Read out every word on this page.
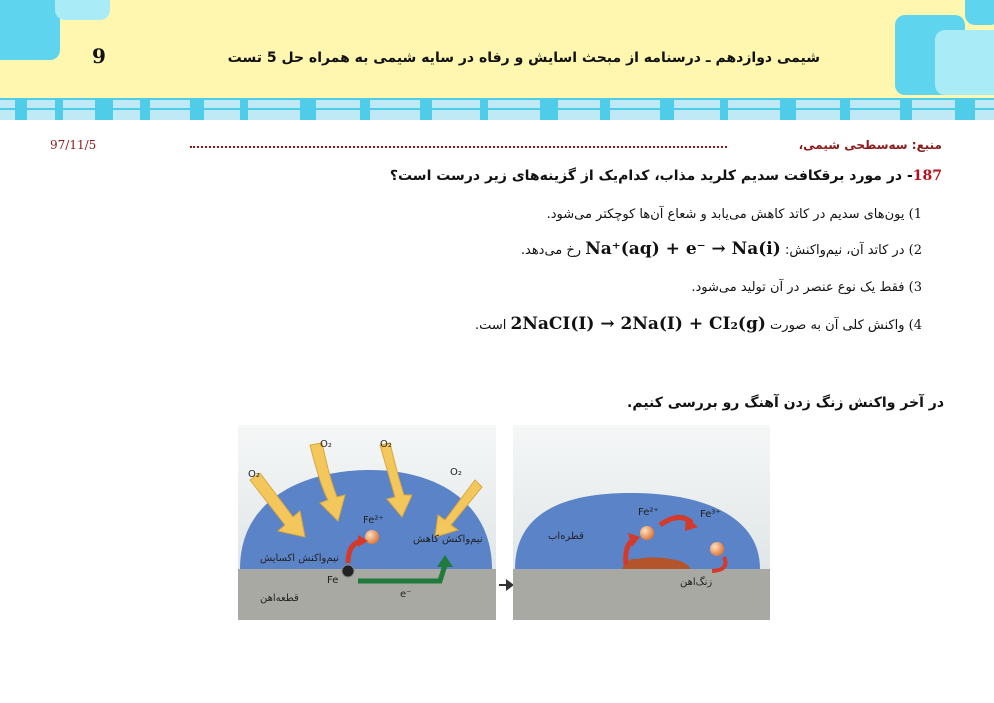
9	شیمی دوازدهم ـ درسنامه از مبحث اسایش و رفاه در سایه شیمی به همراه حل 5 تست
97/11/5	منبع: سه‌سطحی شیمی،
187- در مورد برقکافت سدیم کلرید مذاب، کدام‌یک از گزینه‌های زیر درست است؟
1) یون‌های سدیم در کاتد کاهش می‌یابد و شعاع آن‌ها کوچکتر می‌شود.
2) در کاتد آن، نیم‌واکنش: Na⁺(aq) + e⁻ → Na(i) رخ می‌دهد.
3) فقط یک نوع عنصر در آن تولید می‌شود.
4) واکنش کلی آن به صورت 2NaCI(I) → 2Na(I) + CI₂(g) است.
در آخر واکنش زنگ زدن آهنگ رو بررسی کنیم.
O₂
O₂	O₂
O₂
Fe²⁺
Fe
e⁻
نیم‌واکنش اکسایش
نیم‌واکنش کاهش
قطعه‌اهن
Fe²⁺	Fe³⁺
قطره‌اب
زنگ‌اهن
